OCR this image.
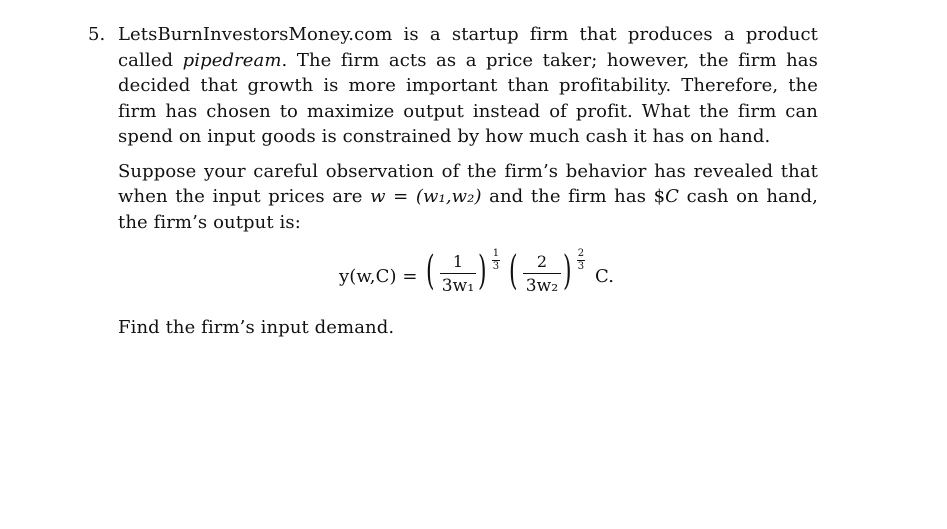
5. LetsBurnInvestorsMoney.com is a startup firm that produces a product called pipedream. The firm acts as a price taker; however, the firm has decided that growth is more important than profitability. Therefore, the firm has chosen to maximize output instead of profit. What the firm can spend on input goods is constrained by how much cash it has on hand.

Suppose your careful observation of the firm’s behavior has revealed that when the input prices are w = (w₁,w₂) and the firm has $C cash on hand, the firm’s output is:

y(w,C) = (	1
3w₁ ) 1
3 (	2
3w₂ ) 2
3 C.

Find the firm’s input demand.
